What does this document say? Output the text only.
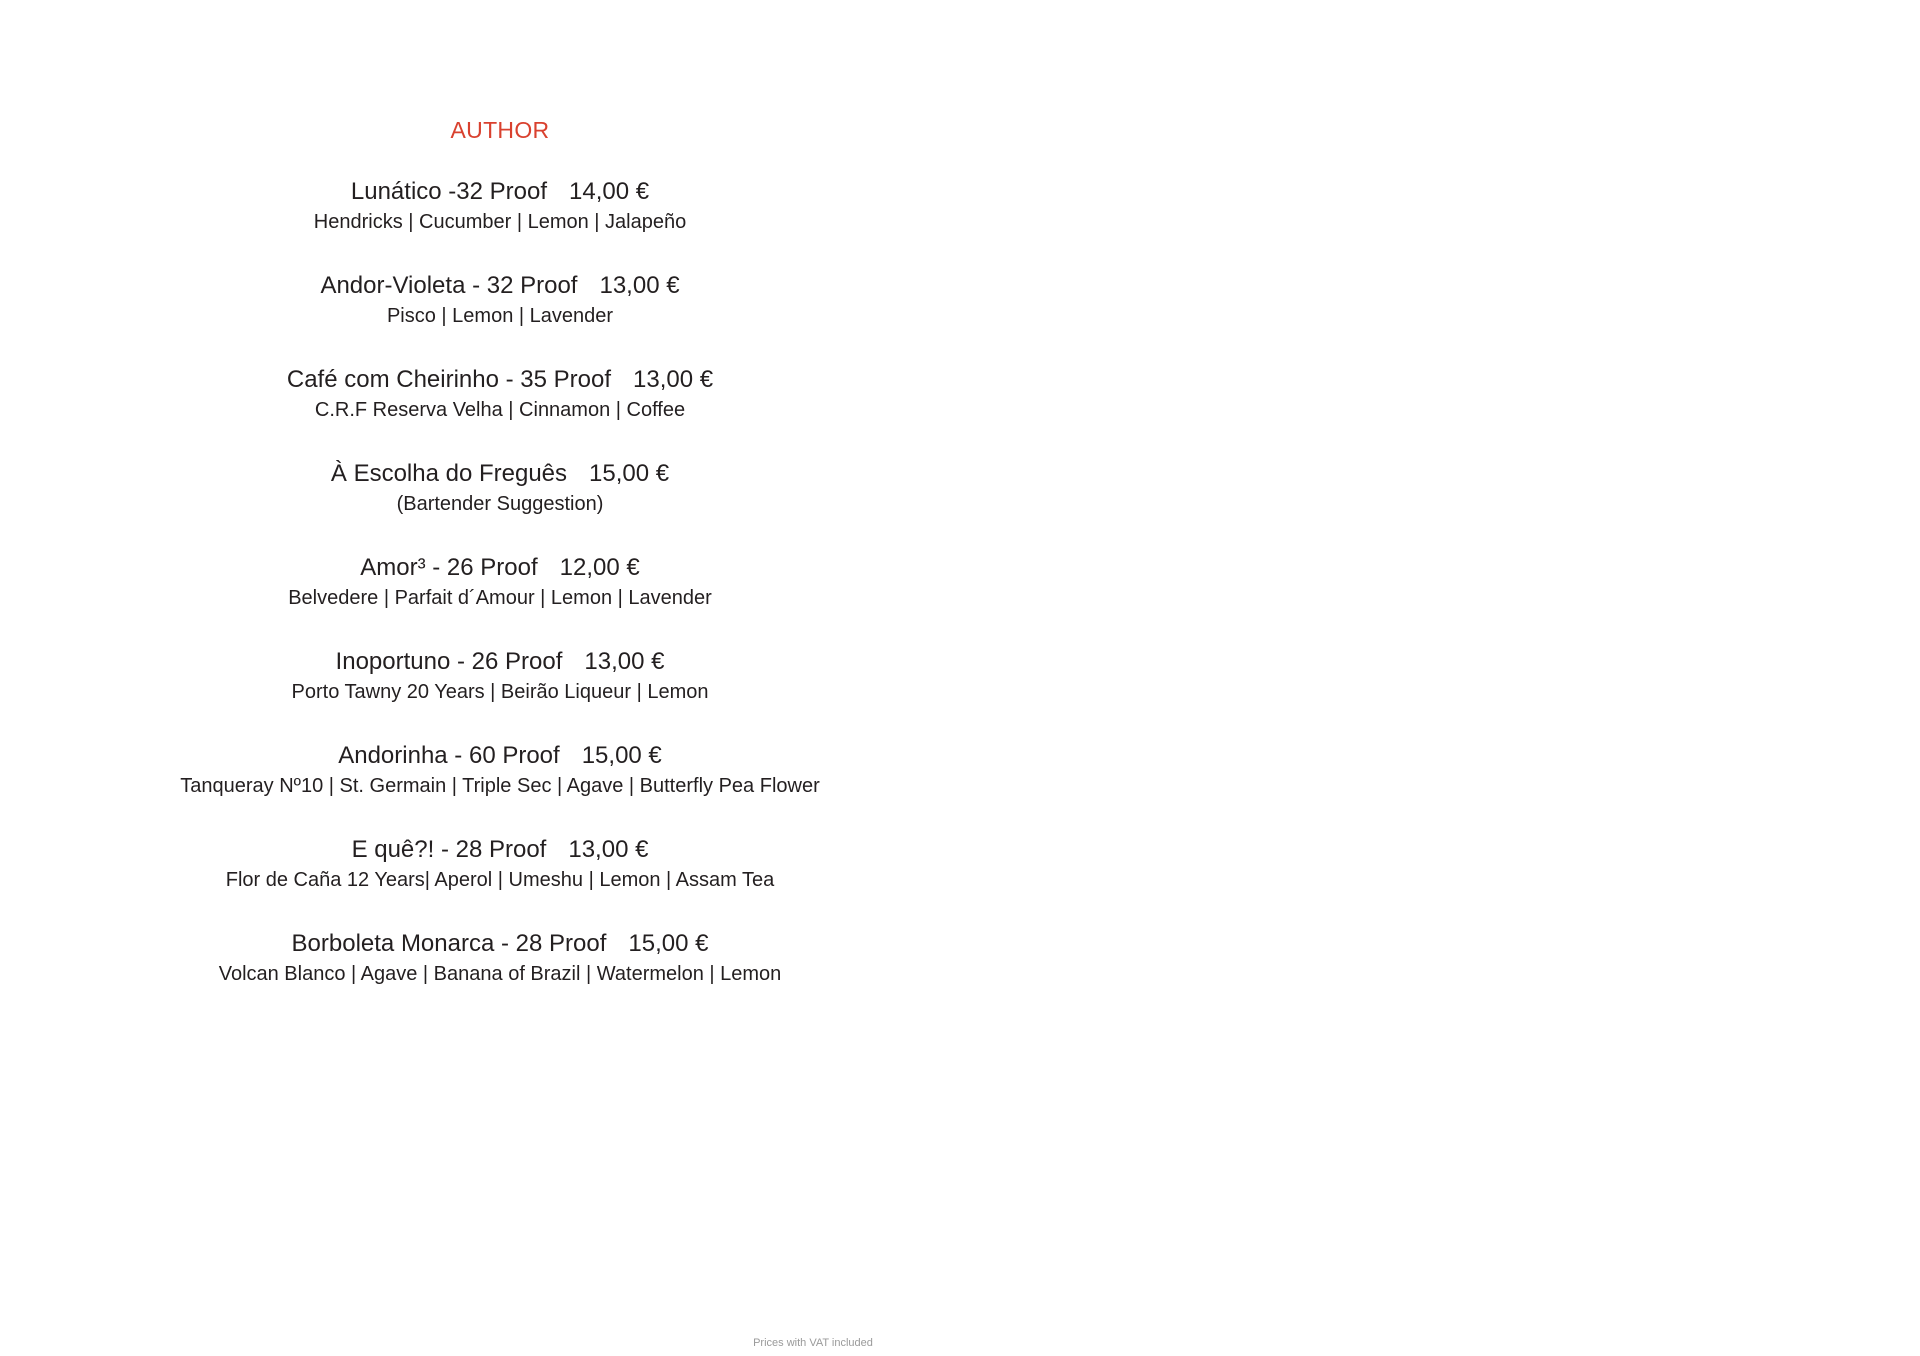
AUTHOR
Lunático -32 Proof 14,00 €
Hendricks | Cucumber | Lemon | Jalapeño
Andor-Violeta - 32 Proof 13,00 €
Pisco | Lemon | Lavender
Café com Cheirinho - 35 Proof 13,00 €
C.R.F Reserva Velha | Cinnamon | Coffee
À Escolha do Freguês 15,00 €
(Bartender Suggestion)
Amor³ - 26 Proof 12,00 €
Belvedere | Parfait d´Amour | Lemon | Lavender
Inoportuno - 26 Proof 13,00 €
Porto Tawny 20 Years | Beirão Liqueur | Lemon
Andorinha - 60 Proof 15,00 €
Tanqueray Nº10 | St. Germain | Triple Sec | Agave | Butterfly Pea Flower
E quê?! - 28 Proof 13,00 €
Flor de Caña 12 Years| Aperol | Umeshu | Lemon | Assam Tea
Borboleta Monarca - 28 Proof 15,00 €
Volcan Blanco | Agave | Banana of Brazil | Watermelon | Lemon
Prices with VAT included
